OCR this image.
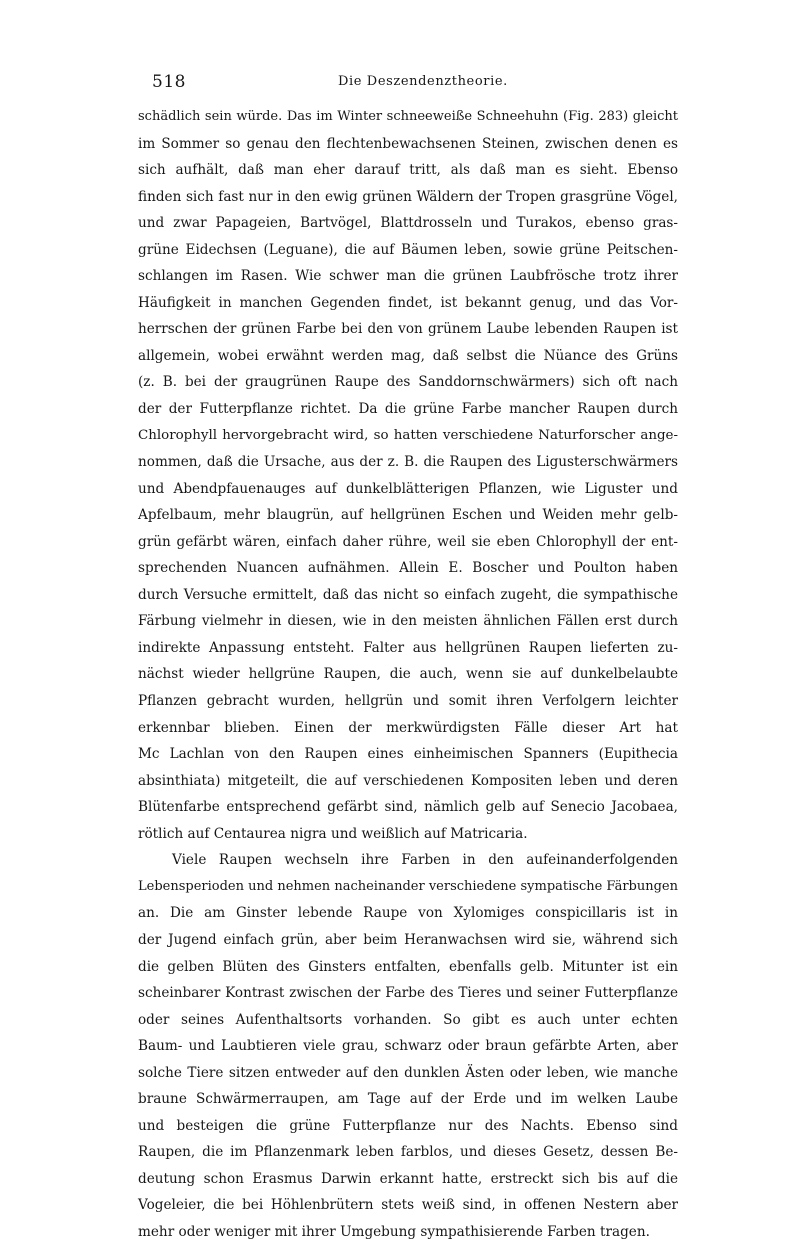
518	Die Deszendenztheorie.
schädlich sein würde. Das im Winter schneeweiße Schneehuhn (Fig. 283) gleicht
im Sommer so genau den flechtenbewachsenen Steinen, zwischen denen es
sich aufhält, daß man eher darauf tritt, als daß man es sieht. Ebenso
finden sich fast nur in den ewig grünen Wäldern der Tropen grasgrüne Vögel,
und zwar Papageien, Bartvögel, Blattdrosseln und Turakos, ebenso gras-
grüne Eidechsen (Leguane), die auf Bäumen leben, sowie grüne Peitschen-
schlangen im Rasen. Wie schwer man die grünen Laubfrösche trotz ihrer
Häufigkeit in manchen Gegenden findet, ist bekannt genug, und das Vor-
herrschen der grünen Farbe bei den von grünem Laube lebenden Raupen ist
allgemein, wobei erwähnt werden mag, daß selbst die Nüance des Grüns
(z. B. bei der graugrünen Raupe des Sanddornschwärmers) sich oft nach
der der Futterpflanze richtet. Da die grüne Farbe mancher Raupen durch
Chlorophyll hervorgebracht wird, so hatten verschiedene Naturforscher ange-
nommen, daß die Ursache, aus der z. B. die Raupen des Ligusterschwärmers
und Abendpfauenauges auf dunkelblätterigen Pflanzen, wie Liguster und
Apfelbaum, mehr blaugrün, auf hellgrünen Eschen und Weiden mehr gelb-
grün gefärbt wären, einfach daher rühre, weil sie eben Chlorophyll der ent-
sprechenden Nuancen aufnähmen. Allein E. Boscher und Poulton haben
durch Versuche ermittelt, daß das nicht so einfach zugeht, die sympathische
Färbung vielmehr in diesen, wie in den meisten ähnlichen Fällen erst durch
indirekte Anpassung entsteht. Falter aus hellgrünen Raupen lieferten zu-
nächst wieder hellgrüne Raupen, die auch, wenn sie auf dunkelbelaubte
Pflanzen gebracht wurden, hellgrün und somit ihren Verfolgern leichter
erkennbar blieben. Einen der merkwürdigsten Fälle dieser Art hat
Mc Lachlan von den Raupen eines einheimischen Spanners (Eupithecia
absinthiata) mitgeteilt, die auf verschiedenen Kompositen leben und deren
Blütenfarbe entsprechend gefärbt sind, nämlich gelb auf Senecio Jacobaea,
rötlich auf Centaurea nigra und weißlich auf Matricaria.
Viele Raupen wechseln ihre Farben in den aufeinanderfolgenden
Lebensperioden und nehmen nacheinander verschiedene sympatische Färbungen
an. Die am Ginster lebende Raupe von Xylomiges conspicillaris ist in
der Jugend einfach grün, aber beim Heranwachsen wird sie, während sich
die gelben Blüten des Ginsters entfalten, ebenfalls gelb. Mitunter ist ein
scheinbarer Kontrast zwischen der Farbe des Tieres und seiner Futterpflanze
oder seines Aufenthaltsorts vorhanden. So gibt es auch unter echten
Baum- und Laubtieren viele grau, schwarz oder braun gefärbte Arten, aber
solche Tiere sitzen entweder auf den dunklen Ästen oder leben, wie manche
braune Schwärmerraupen, am Tage auf der Erde und im welken Laube
und besteigen die grüne Futterpflanze nur des Nachts. Ebenso sind
Raupen, die im Pflanzenmark leben farblos, und dieses Gesetz, dessen Be-
deutung schon Erasmus Darwin erkannt hatte, erstreckt sich bis auf die
Vogeleier, die bei Höhlenbrütern stets weiß sind, in offenen Nestern aber
mehr oder weniger mit ihrer Umgebung sympathisierende Farben tragen.
